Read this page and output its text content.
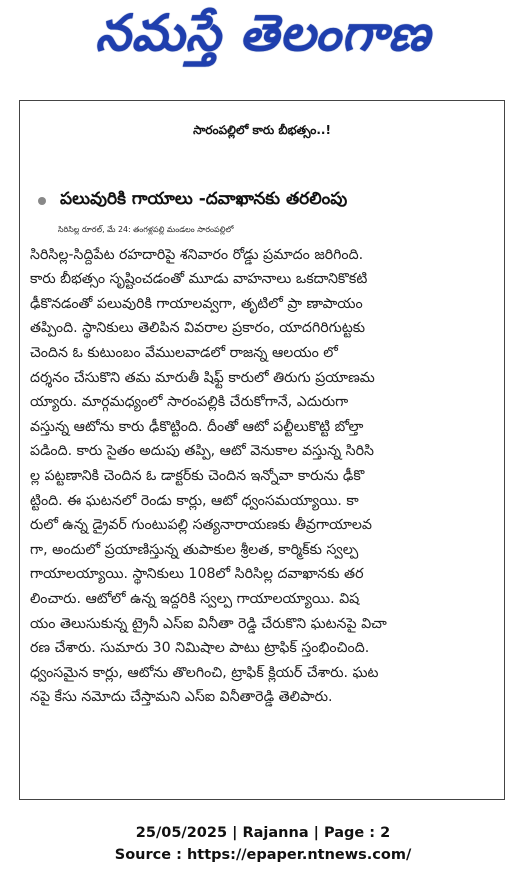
నమస్తే తెలంగాణ
సారంపల్లిలో కారు బీభత్సం..!
పలువురికి గాయాలు -దవాఖానకు తరలింపు
సిరిసిల్ల రూరల్, మే 24: తంగళ్లపల్లి మండలం సారంపల్లిలో
సిరిసిల్ల-సిద్దిపేట రహదారిపై శనివారం రోడ్డు ప్రమాదం జరిగింది.
కారు బీభత్సం సృష్టించడంతో మూడు వాహనాలు ఒకదానికొకటి
ఢీకొనడంతో పలువురికి గాయాలవ్వగా, తృటిలో ప్రా ణాపాయం
తప్పింది. స్థానికులు తెలిపిన వివరాల ప్రకారం, యాదగిరిగుట్టకు
చెందిన ఓ కుటుంబం వేములవాడలో రాజన్న ఆలయం లో
దర్శనం చేసుకొని తమ మారుతీ షిఫ్ట్ కారులో తిరుగు ప్రయాణమ
య్యారు. మార్గమధ్యంలో సారంపల్లికి చేరుకోగానే, ఎదురుగా
వస్తున్న ఆటోను కారు ఢీకొట్టింది. దీంతో ఆటో పల్టీలుకొట్టి బోల్తా
పడింది. కారు సైతం అదుపు తప్పి, ఆటో వెనుకాల వస్తున్న సిరిసి
ల్ల పట్టణానికి చెందిన ఓ డాక్టర్‌కు చెందిన ఇన్నోవా కారును ఢీకొ
ట్టింది. ఈ ఘటనలో రెండు కార్లు, ఆటో ధ్వంసమయ్యాయి. కా
రులో ఉన్న డ్రైవర్ గుంటుపల్లి సత్యనారాయణకు తీవ్రగాయాలవ
గా, అందులో ప్రయాణిస్తున్న తుపాకుల శ్రీలత, కార్మిక్‌కు స్వల్ప
గాయాలయ్యాయి. స్థానికులు 108లో సిరిసిల్ల దవాఖానకు తర
లించారు. ఆటోలో ఉన్న ఇద్దరికి స్వల్ప గాయాలయ్యాయి. విష
యం తెలుసుకున్న ట్రైనీ ఎస్ఐ వినీతా రెడ్డి చేరుకొని ఘటనపై విచా
రణ చేశారు. సుమారు 30 నిమిషాల పాటు ట్రాఫిక్ స్తంభించింది.
ధ్వంసమైన కార్లు, ఆటోను తొలగించి, ట్రాఫిక్ క్లియర్ చేశారు. ఘట
నపై కేసు నమోదు చేస్తామని ఎస్ఐ వినీతారెడ్డి తెలిపారు.
25/05/2025 | Rajanna | Page : 2
Source : https://epaper.ntnews.com/
